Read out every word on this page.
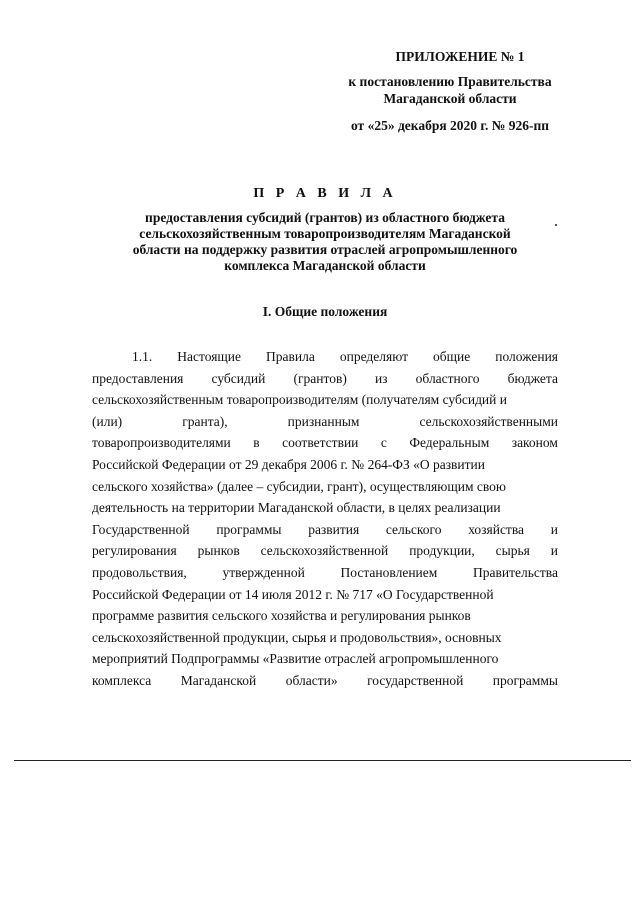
ПРИЛОЖЕНИЕ № 1
к постановлению Правительства
Магаданской области
от «25» декабря 2020 г. № 926-пп
П Р А В И Л А
предоставления субсидий (грантов) из областного бюджета
сельскохозяйственным товаропроизводителям Магаданской
области на поддержку развития отраслей агропромышленного
комплекса Магаданской области
I. Общие положения
1.1. Настоящие Правила определяют общие положения
предоставления субсидий (грантов) из областного бюджета
сельскохозяйственным товаропроизводителям (получателям субсидий и
(или)	гранта),	признанным	сельскохозяйственными
товаропроизводителями в соответствии с Федеральным законом
Российской Федерации от 29 декабря 2006 г. № 264-ФЗ «О развитии
сельского хозяйства» (далее – субсидии, грант), осуществляющим свою
деятельность на территории Магаданской области, в целях реализации
Государственной программы развития сельского хозяйства и
регулирования рынков сельскохозяйственной продукции, сырья и
продовольствия,	утвержденной	Постановлением	Правительства
Российской Федерации от 14 июля 2012 г. № 717 «О Государственной
программе развития сельского хозяйства и регулирования рынков
сельскохозяйственной продукции, сырья и продовольствия», основных
мероприятий Подпрограммы «Развитие отраслей агропромышленного
комплекса Магаданской области» государственной программы
